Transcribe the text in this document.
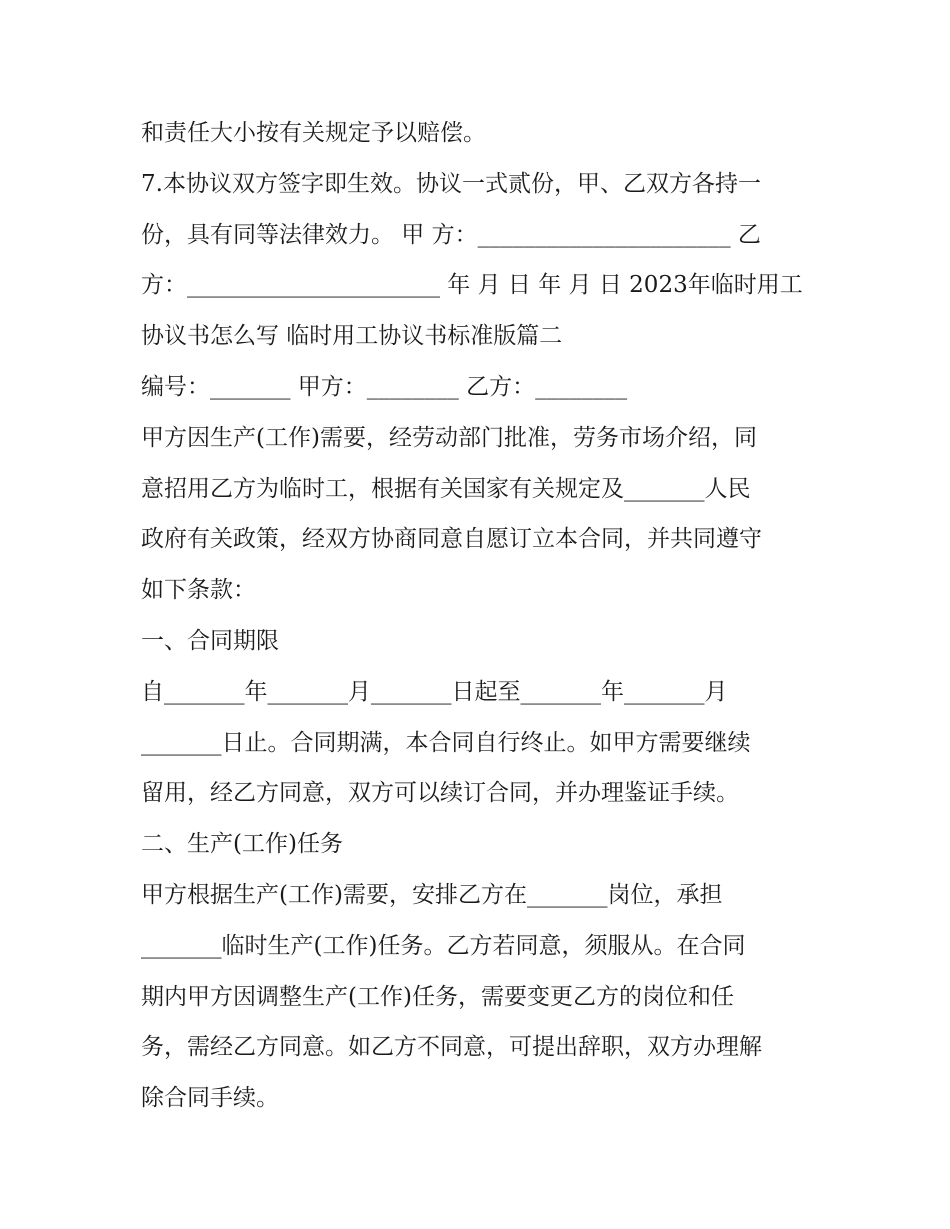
和责任大小按有关规定予以赔偿。
7.本协议双方签字即生效。协议一式贰份，甲、乙双方各持一
份，具有同等法律效力。 甲 方：______________________ 乙
方：______________________ 年 月 日 年 月 日 2023年临时用工
协议书怎么写 临时用工协议书标准版篇二
编号：_______ 甲方：________ 乙方：________
甲方因生产(工作)需要，经劳动部门批准，劳务市场介绍，同
意招用乙方为临时工，根据有关国家有关规定及_______人民
政府有关政策，经双方协商同意自愿订立本合同，并共同遵守
如下条款：
一、合同期限
自_______年_______月_______日起至_______年_______月
_______日止。合同期满，本合同自行终止。如甲方需要继续
留用，经乙方同意，双方可以续订合同，并办理鉴证手续。
二、生产(工作)任务
甲方根据生产(工作)需要，安排乙方在_______岗位，承担
_______临时生产(工作)任务。乙方若同意，须服从。在合同
期内甲方因调整生产(工作)任务，需要变更乙方的岗位和任
务，需经乙方同意。如乙方不同意，可提出辞职，双方办理解
除合同手续。
